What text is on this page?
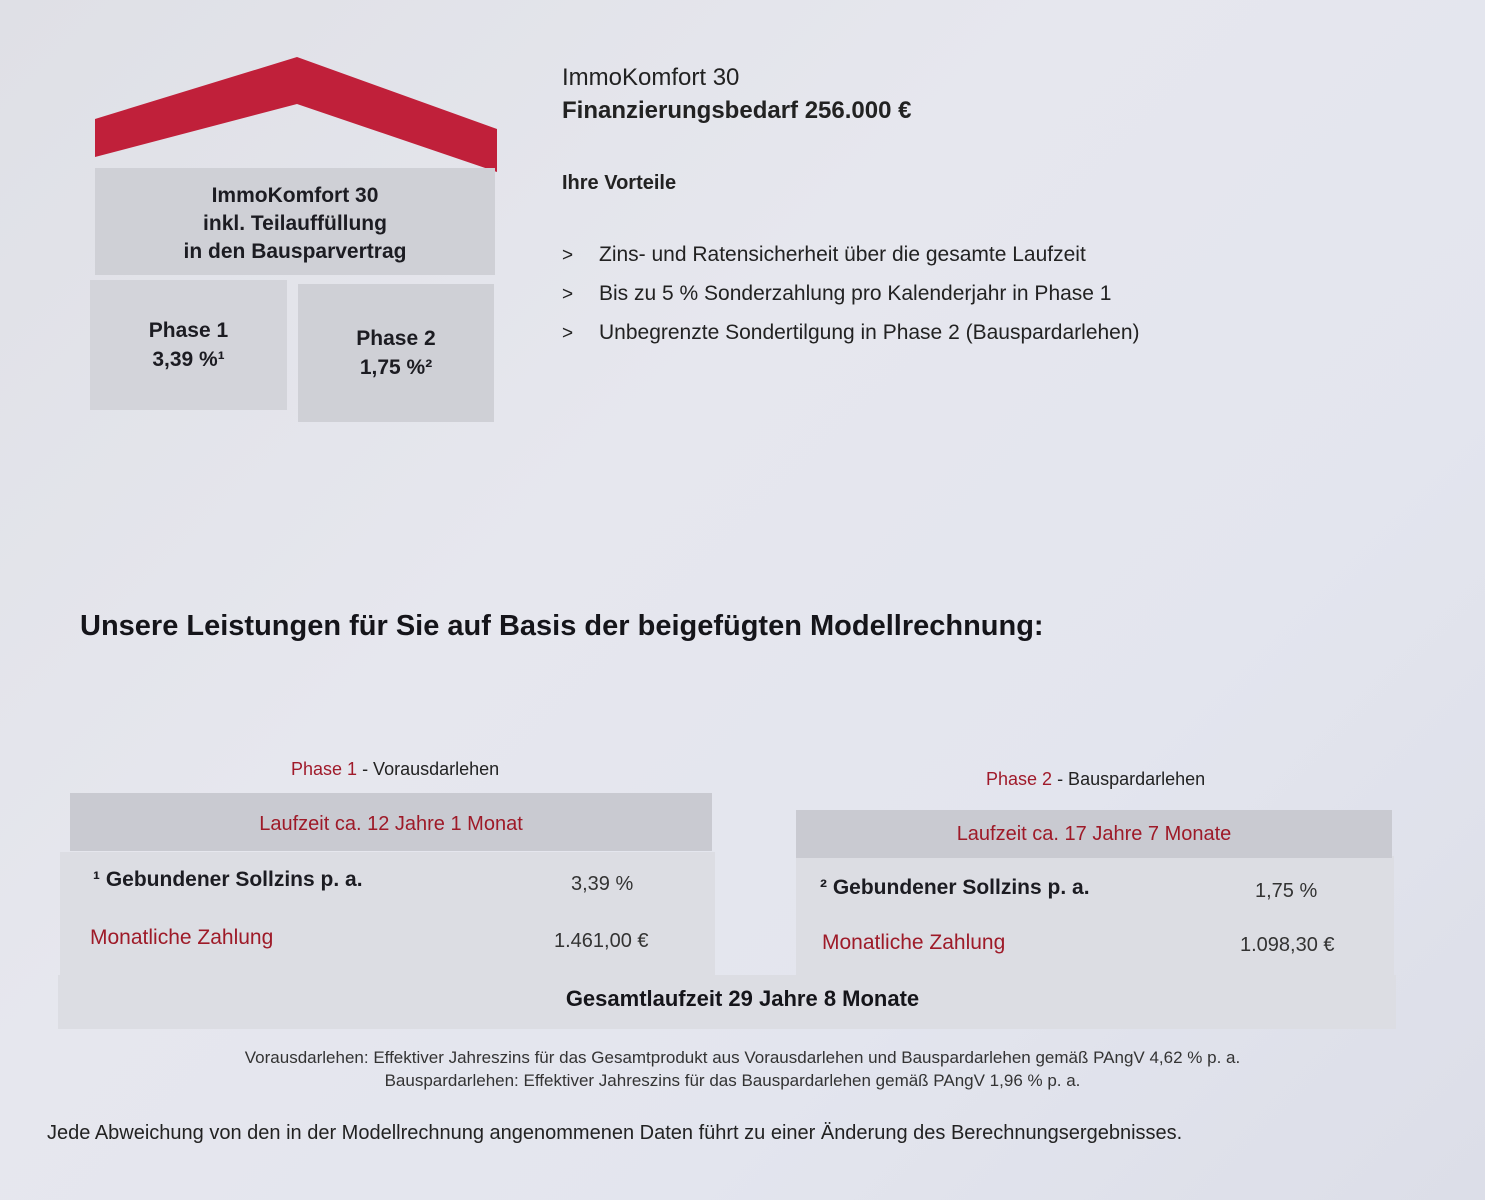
ImmoKomfort 30
inkl. Teilauffüllung
in den Bausparvertrag
Phase 1
3,39 %¹
Phase 2
1,75 %²
ImmoKomfort 30
Finanzierungsbedarf 256.000 €
Ihre Vorteile
> Zins- und Ratensicherheit über die gesamte Laufzeit
> Bis zu 5 % Sonderzahlung pro Kalenderjahr in Phase 1
> Unbegrenzte Sondertilgung in Phase 2 (Bauspardarlehen)
Unsere Leistungen für Sie auf Basis der beigefügten Modellrechnung:
Phase 1 - Vorausdarlehen
Laufzeit ca. 12 Jahre 1 Monat
¹ Gebundener Sollzins p. a.	3,39 %
Monatliche Zahlung	1.461,00 €
Phase 2 - Bauspardarlehen
Laufzeit ca. 17 Jahre 7 Monate
² Gebundener Sollzins p. a.	1,75 %
Monatliche Zahlung	1.098,30 €
Gesamtlaufzeit 29 Jahre 8 Monate
Vorausdarlehen: Effektiver Jahreszins für das Gesamtprodukt aus Vorausdarlehen und Bauspardarlehen gemäß PAngV 4,62 % p. a.
Bauspardarlehen: Effektiver Jahreszins für das Bauspardarlehen gemäß PAngV 1,96 % p. a.
Jede Abweichung von den in der Modellrechnung angenommenen Daten führt zu einer Änderung des Berechnungsergebnisses.
